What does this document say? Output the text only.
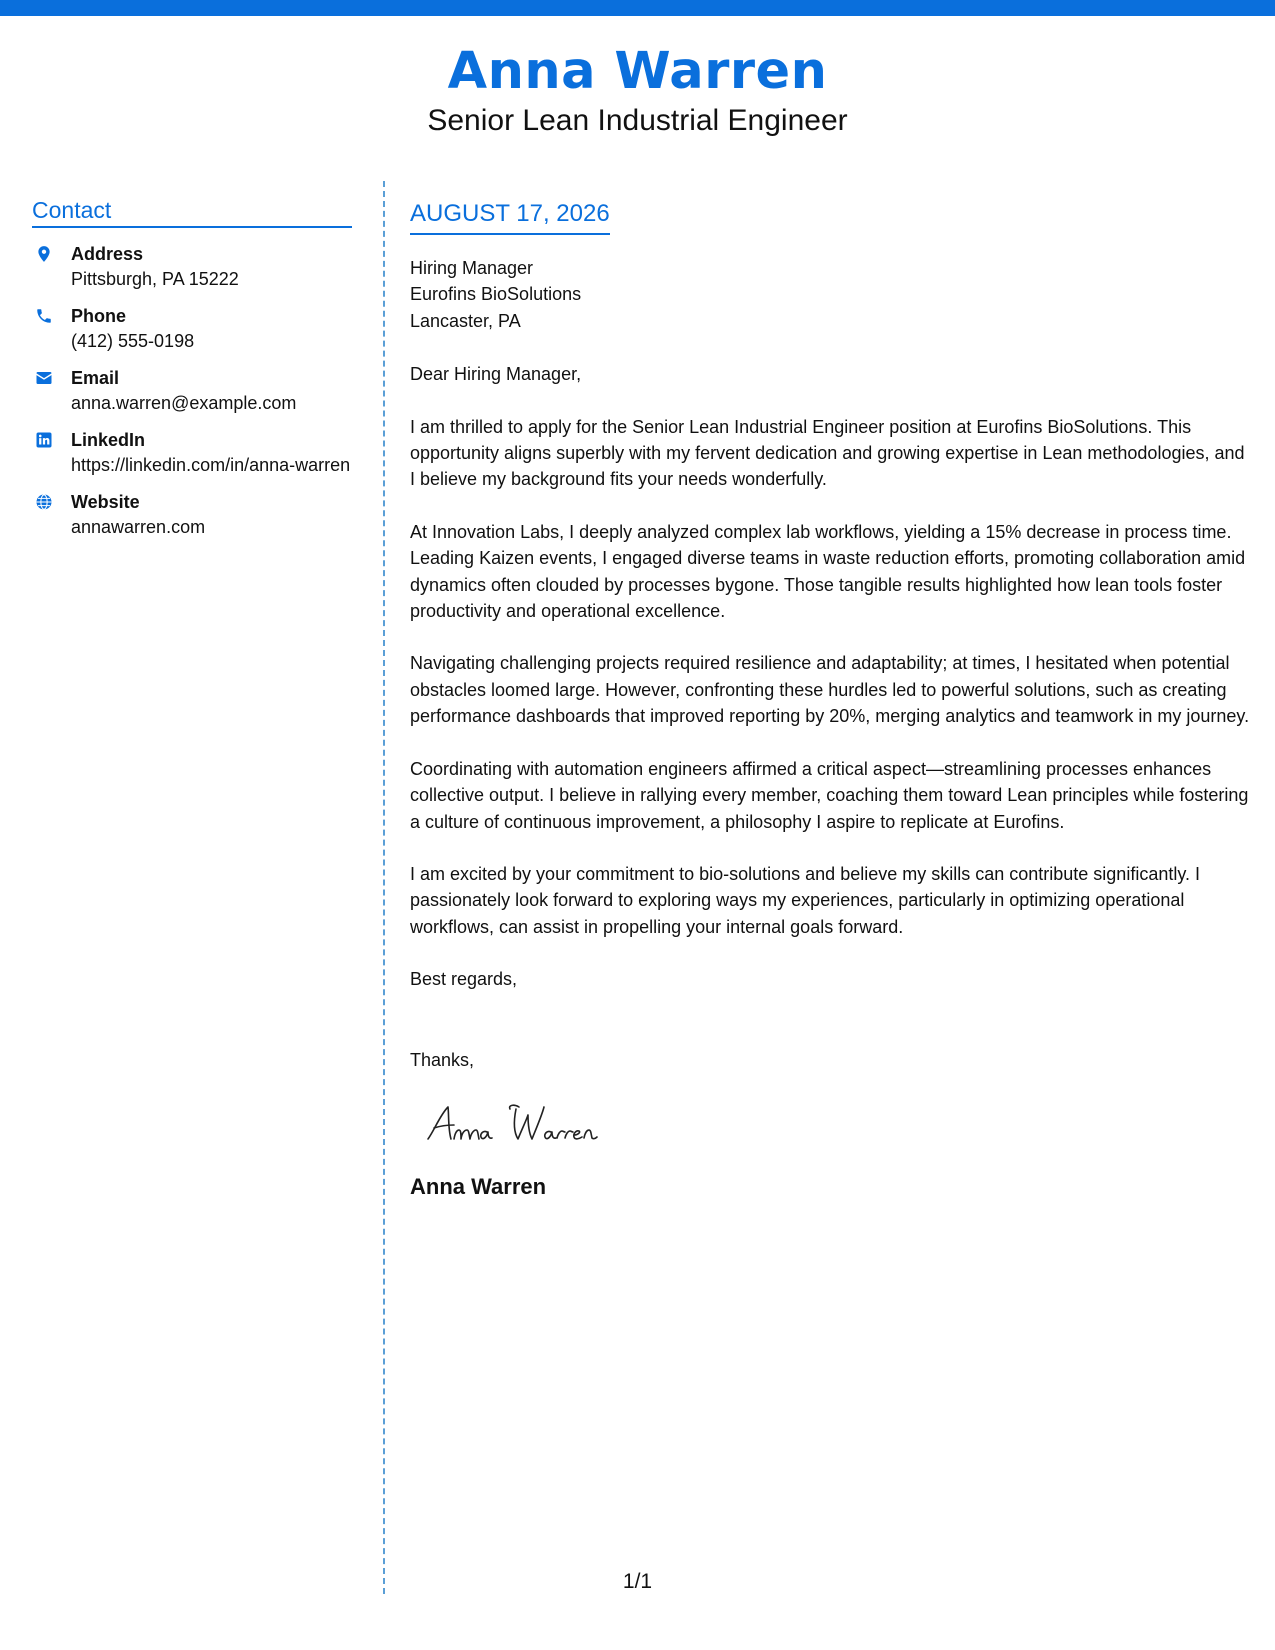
Anna Warren
Senior Lean Industrial Engineer
Contact
Address
Pittsburgh, PA 15222
Phone
(412) 555-0198
Email
anna.warren@example.com
LinkedIn
https://linkedin.com/in/anna-warren
Website
annawarren.com
AUGUST 17, 2026
Hiring Manager
Eurofins BioSolutions
Lancaster, PA
Dear Hiring Manager,
I am thrilled to apply for the Senior Lean Industrial Engineer position at Eurofins BioSolutions. This opportunity aligns superbly with my fervent dedication and growing expertise in Lean methodologies, and I believe my background fits your needs wonderfully.
At Innovation Labs, I deeply analyzed complex lab workflows, yielding a 15% decrease in process time. Leading Kaizen events, I engaged diverse teams in waste reduction efforts, promoting collaboration amid dynamics often clouded by processes bygone. Those tangible results highlighted how lean tools foster productivity and operational excellence.
Navigating challenging projects required resilience and adaptability; at times, I hesitated when potential obstacles loomed large. However, confronting these hurdles led to powerful solutions, such as creating performance dashboards that improved reporting by 20%, merging analytics and teamwork in my journey.
Coordinating with automation engineers affirmed a critical aspect—streamlining processes enhances collective output. I believe in rallying every member, coaching them toward Lean principles while fostering a culture of continuous improvement, a philosophy I aspire to replicate at Eurofins.
I am excited by your commitment to bio-solutions and believe my skills can contribute significantly. I passionately look forward to exploring ways my experiences, particularly in optimizing operational workflows, can assist in propelling your internal goals forward.
Best regards,
Thanks,
Anna Warren
1/1
